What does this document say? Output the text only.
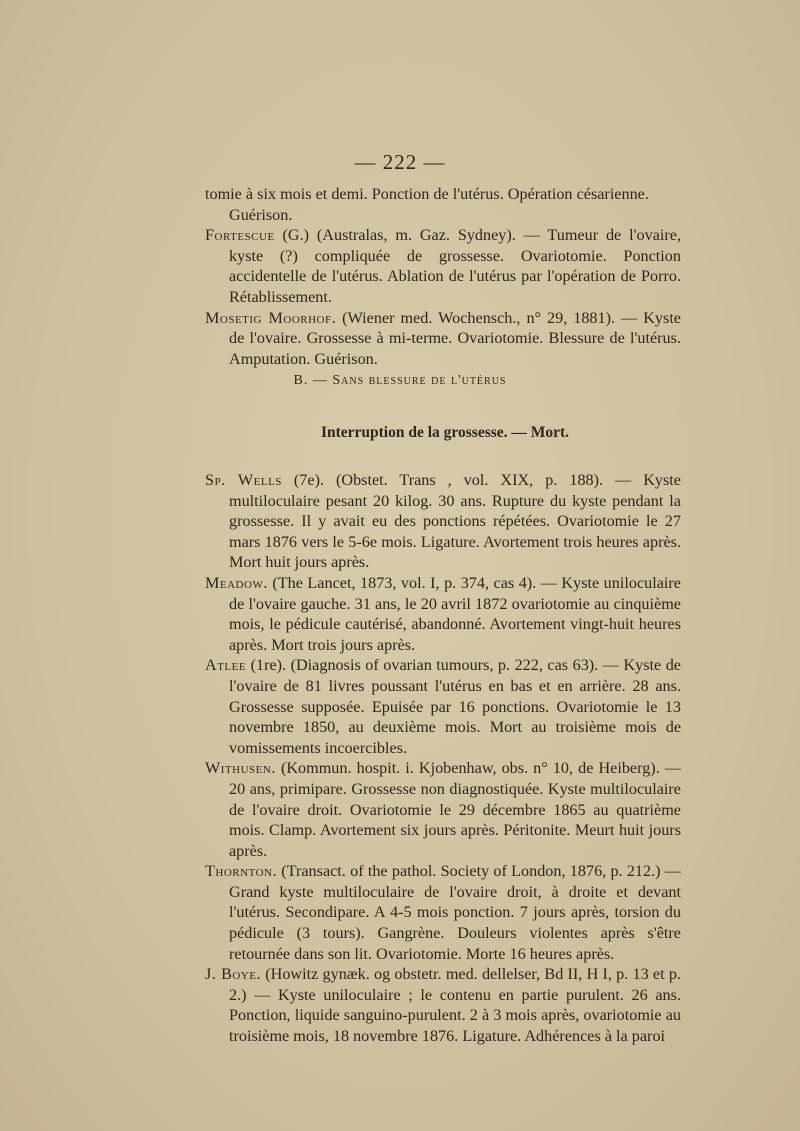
— 222 —

tomie à six mois et demi. Ponction de l'utérus. Opération césarienne. Guérison.

Fortescue (G.) (Australas, m. Gaz. Sydney). — Tumeur de l'ovaire, kyste (?) compliquée de grossesse. Ovariotomie. Ponction accidentelle de l'utérus. Ablation de l'utérus par l'opération de Porro. Rétablissement.

Mosetig Moorhof. (Wiener med. Wochensch., n° 29, 1881). — Kyste de l'ovaire. Grossesse à mi-terme. Ovariotomie. Blessure de l'utérus. Amputation. Guérison.

B. — Sans blessure de l'utérus
Interruption de la grossesse. — Mort.

Sp. Wells (7e). (Obstet. Trans , vol. XIX, p. 188). — Kyste multiloculaire pesant 20 kilog. 30 ans. Rupture du kyste pendant la grossesse. Il y avait eu des ponctions répétées. Ovariotomie le 27 mars 1876 vers le 5-6e mois. Ligature. Avortement trois heures après. Mort huit jours après.

Meadow. (The Lancet, 1873, vol. I, p. 374, cas 4). — Kyste uniloculaire de l'ovaire gauche. 31 ans, le 20 avril 1872 ovariotomie au cinquième mois, le pédicule cautérisé, abandonné. Avortement vingt-huit heures après. Mort trois jours après.

Atlee (1re). (Diagnosis of ovarian tumours, p. 222, cas 63). — Kyste de l'ovaire de 81 livres poussant l'utérus en bas et en arrière. 28 ans. Grossesse supposée. Epuisée par 16 ponctions. Ovariotomie le 13 novembre 1850, au deuxième mois. Mort au troisième mois de vomissements incoercibles.

Withusen. (Kommun. hospit. i. Kjobenhaw, obs. n° 10, de Heiberg). — 20 ans, primipare. Grossesse non diagnostiquée. Kyste multiloculaire de l'ovaire droit. Ovariotomie le 29 décembre 1865 au quatrième mois. Clamp. Avortement six jours après. Péritonite. Meurt huit jours après.

Thornton. (Transact. of the pathol. Society of London, 1876, p. 212.) — Grand kyste multiloculaire de l'ovaire droit, à droite et devant l'utérus. Secondipare. A 4-5 mois ponction. 7 jours après, torsion du pédicule (3 tours). Gangrène. Douleurs violentes après s'être retournée dans son lit. Ovariotomie. Morte 16 heures après.

J. Boye. (Howitz gynæk. og obstetr. med. dellelser, Bd II, H I, p. 13 et p. 2.) — Kyste uniloculaire ; le contenu en partie purulent. 26 ans. Ponction, liquide sanguino-purulent. 2 à 3 mois après, ovariotomie au troisième mois, 18 novembre 1876. Ligature. Adhérences à la paroi
